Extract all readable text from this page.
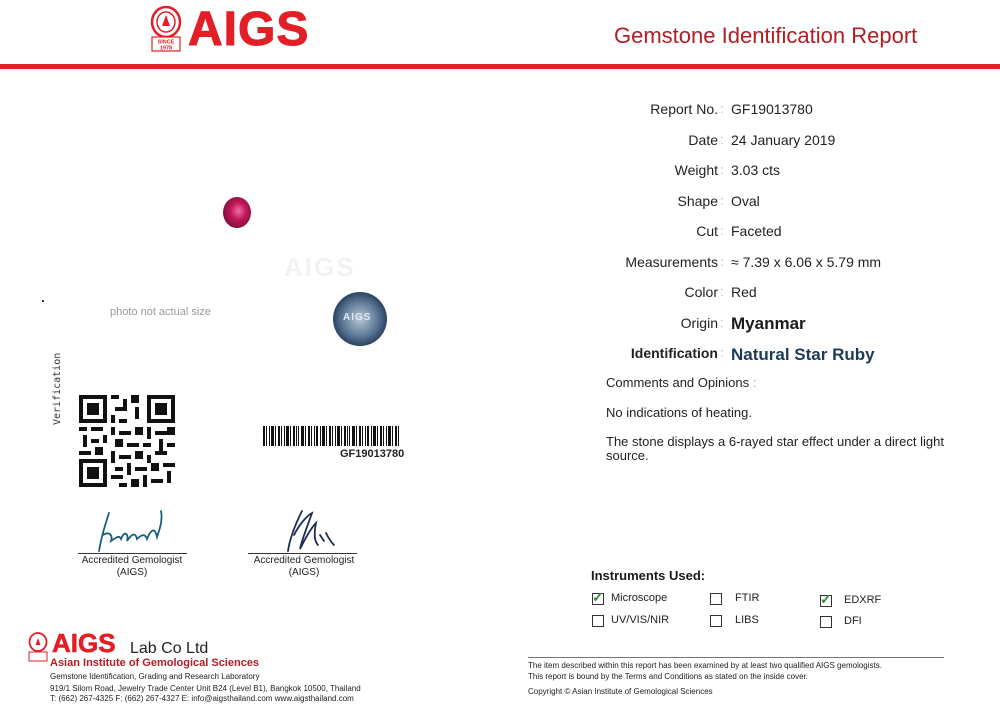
SINCE
1978 AIGS	Gemstone Identification Report
Report No. : GF19013780
Date : 24 January 2019
Weight : 3.03 cts
Shape : Oval
Cut : Faceted
Measurements : ≈ 7.39 x 6.06 x 5.79 mm
Color : Red
Origin : Myanmar
Identification : Natural Star Ruby
Comments and Opinions :
No indications of heating.
The stone displays a 6-rayed star effect under a direct light
source.
AIGS
photo not actual size	AIGS
Verification
GF19013780
Accredited Gemologist
(AIGS)
Accredited Gemologist
(AIGS)	Instruments Used:
✓ Microscope	FTIR	✓ EDXRF
UV/VIS/NIR	LIBS	DFI
AIGS Lab Co Ltd
Asian Institute of Gemological Sciences
Gemstone Identification, Grading and Research Laboratory
919/1 Silom Road, Jewelry Trade Center Unit B24 (Level B1), Bangkok 10500, Thailand
T: (662) 267-4325 F: (662) 267-4327 E: info@aigsthailand.com www.aigsthailand.com
The item described within this report has been examined by at least two qualified AIGS gemologists.
This report is bound by the Terms and Conditions as stated on the inside cover.
Copyright © Asian Institute of Gemological Sciences
